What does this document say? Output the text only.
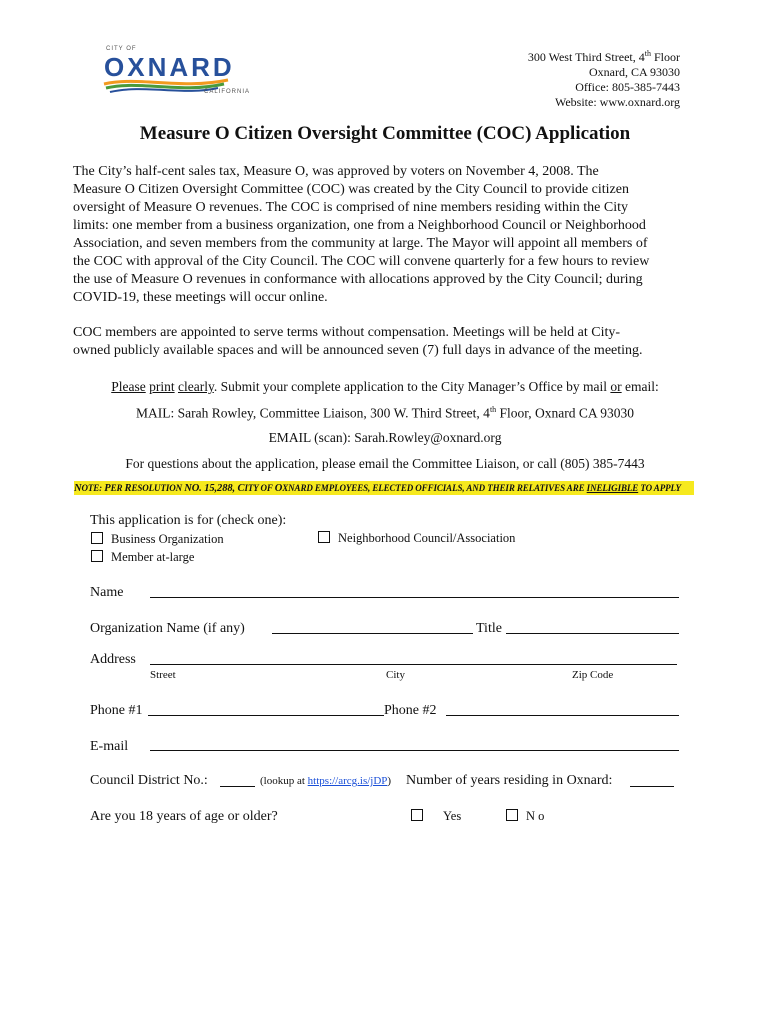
CITY OF
OXNARD
CALIFORNIA
300 West Third Street, 4th Floor
Oxnard, CA 93030
Office: 805-385-7443
Website: www.oxnard.org
Measure O Citizen Oversight Committee (COC) Application
The City’s half-cent sales tax, Measure O, was approved by voters on November 4, 2008. The
Measure O Citizen Oversight Committee (COC) was created by the City Council to provide citizen
oversight of Measure O revenues. The COC is comprised of nine members residing within the City
limits: one member from a business organization, one from a Neighborhood Council or Neighborhood
Association, and seven members from the community at large. The Mayor will appoint all members of
the COC with approval of the City Council. The COC will convene quarterly for a few hours to review
the use of Measure O revenues in conformance with allocations approved by the City Council; during
COVID-19, these meetings will occur online.
COC members are appointed to serve terms without compensation. Meetings will be held at City-
owned publicly available spaces and will be announced seven (7) full days in advance of the meeting.
Please print clearly. Submit your complete application to the City Manager’s Office by mail or email:
MAIL: Sarah Rowley, Committee Liaison, 300 W. Third Street, 4th Floor, Oxnard CA 93030
EMAIL (scan): Sarah.Rowley@oxnard.org
For questions about the application, please email the Committee Liaison, or call (805) 385-7443
NOTE: PER RESOLUTION NO. 15,288, CITY OF OXNARD EMPLOYEES, ELECTED OFFICIALS, AND THEIR RELATIVES ARE INELIGIBLE TO APPLY
This application is for (check one):
Business Organization
Member at-large
Neighborhood Council/Association
Name
Organization Name (if any)	Title
Address
Street	City	Zip Code
Phone #1	Phone #2
E-mail
Council District No.:	(lookup at https://arcg.is/jDP) Number of years residing in Oxnard:
Are you 18 years of age or older?	Yes	N o
